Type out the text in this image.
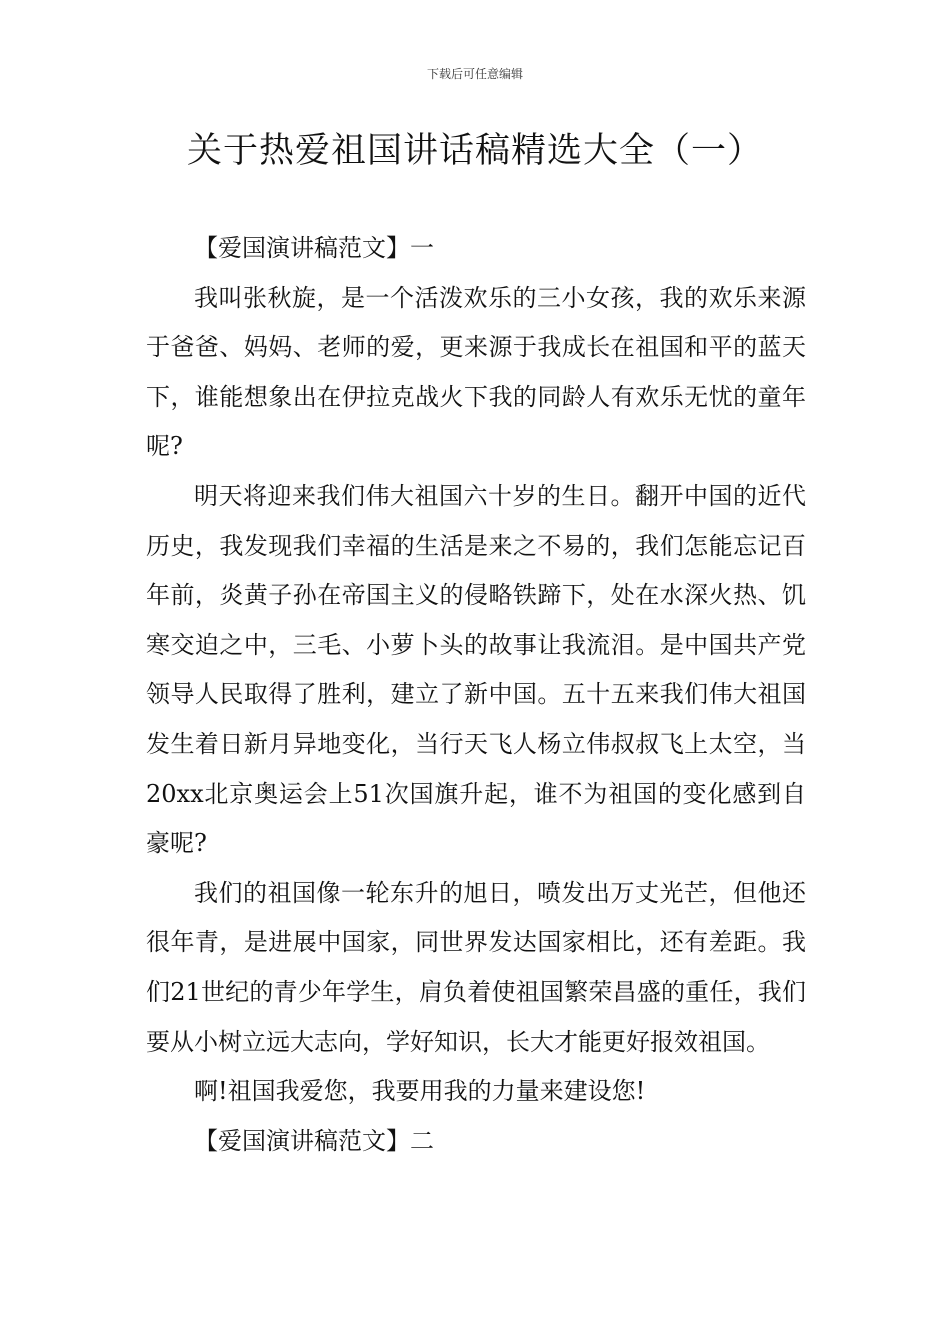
下载后可任意编辑
关于热爱祖国讲话稿精选大全（一）

【爱国演讲稿范文】一

我叫张秋旋，是一个活泼欢乐的三小女孩，我的欢乐来源于爸爸、妈妈、老师的爱，更来源于我成长在祖国和平的蓝天下，谁能想象出在伊拉克战火下我的同龄人有欢乐无忧的童年呢?

明天将迎来我们伟大祖国六十岁的生日。翻开中国的近代历史，我发现我们幸福的生活是来之不易的，我们怎能忘记百年前，炎黄子孙在帝国主义的侵略铁蹄下，处在水深火热、饥寒交迫之中，三毛、小萝卜头的故事让我流泪。是中国共产党领导人民取得了胜利，建立了新中国。五十五来我们伟大祖国发生着日新月异地变化，当行天飞人杨立伟叔叔飞上太空，当20xx北京奥运会上51次国旗升起，谁不为祖国的变化感到自豪呢?

我们的祖国像一轮东升的旭日，喷发出万丈光芒，但他还很年青，是进展中国家，同世界发达国家相比，还有差距。我们21世纪的青少年学生，肩负着使祖国繁荣昌盛的重任，我们要从小树立远大志向，学好知识，长大才能更好报效祖国。

啊!祖国我爱您，我要用我的力量来建设您!

【爱国演讲稿范文】二
